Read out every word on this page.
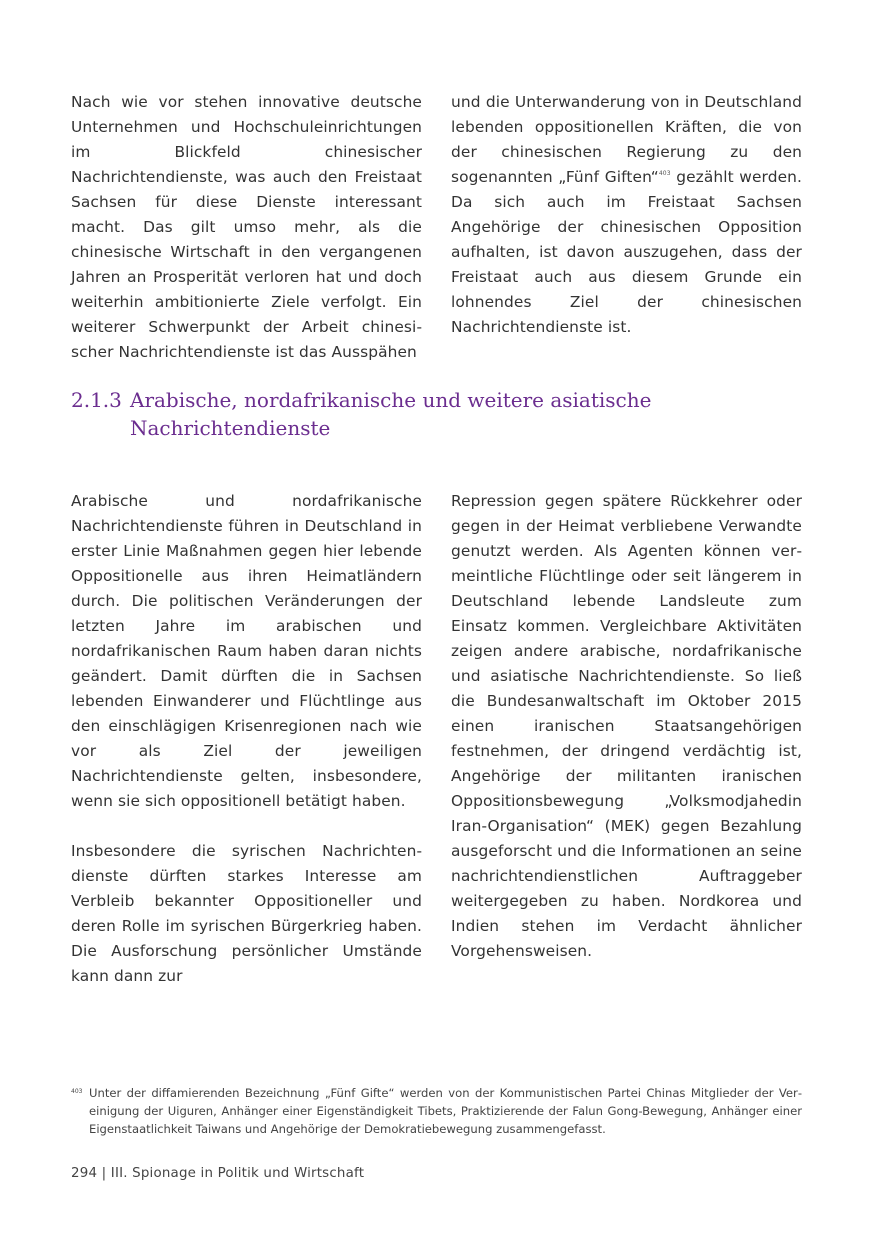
Nach wie vor stehen innovative deutsche Unternehmen und Hochschuleinrichtungen im Blickfeld chinesischer Nachrichtendienste, was auch den Freistaat Sachsen für diese Dienste interessant macht. Das gilt umso mehr, als die chinesische Wirtschaft in den vergangenen Jahren an Prosperität verloren hat und doch weiterhin ambitionierte Ziele verfolgt. Ein weiterer Schwerpunkt der Arbeit chinesischer Nachrichtendienste ist das Ausspähen

und die Unterwanderung von in Deutschland lebenden oppositionellen Kräften, die von der chinesischen Regierung zu den sogenannten „Fünf Giften“$^{403}$ gezählt werden. Da sich auch im Freistaat Sachsen Angehörige der chinesischen Opposition aufhalten, ist davon auszugehen, dass der Freistaat auch aus diesem Grunde ein lohnendes Ziel der chinesischen Nachrichtendienste ist.

2.1.3 Arabische, nordafrikanische und weitere asiatische Nachrichtendienste

Arabische und nordafrikanische Nachrichtendienste führen in Deutschland in erster Linie Maßnahmen gegen hier lebende Oppositionelle aus ihren Heimatländern durch. Die politischen Veränderungen der letzten Jahre im arabischen und nordafrikanischen Raum haben daran nichts geändert. Damit dürften die in Sachsen lebenden Einwanderer und Flüchtlinge aus den einschlägigen Krisenregionen nach wie vor als Ziel der jeweiligen Nachrichtendienste gelten, insbesondere, wenn sie sich oppositionell betätigt haben.

Insbesondere die syrischen Nachrichtendienste dürften starkes Interesse am Verbleib bekannter Oppositioneller und deren Rolle im syrischen Bürgerkrieg haben. Die Ausforschung persönlicher Umstände kann dann zur

Repression gegen spätere Rückkehrer oder gegen in der Heimat verbliebene Verwandte genutzt werden. Als Agenten können vermeintliche Flüchtlinge oder seit längerem in Deutschland lebende Landsleute zum Einsatz kommen. Vergleichbare Aktivitäten zeigen andere arabische, nordafrikanische und asiatische Nachrichtendienste. So ließ die Bundesanwaltschaft im Oktober 2015 einen iranischen Staatsangehörigen festnehmen, der dringend verdächtig ist, Angehörige der militanten iranischen Oppositionsbewegung „Volksmodjahedin Iran-Organisation“ (MEK) gegen Bezahlung ausgeforscht und die Informationen an seine nachrichtendienstlichen Auftraggeber weitergegeben zu haben. Nordkorea und Indien stehen im Verdacht ähnlicher Vorgehensweisen.

403 Unter der diffamierenden Bezeichnung „Fünf Gifte“ werden von der Kommunistischen Partei Chinas Mitglieder der Vereinigung der Uiguren, Anhänger einer Eigenständigkeit Tibets, Praktizierende der Falun Gong-Bewegung, Anhänger einer Eigenstaatlichkeit Taiwans und Angehörige der Demokratiebewegung zusammengefasst.
294 | III. Spionage in Politik und Wirtschaft
